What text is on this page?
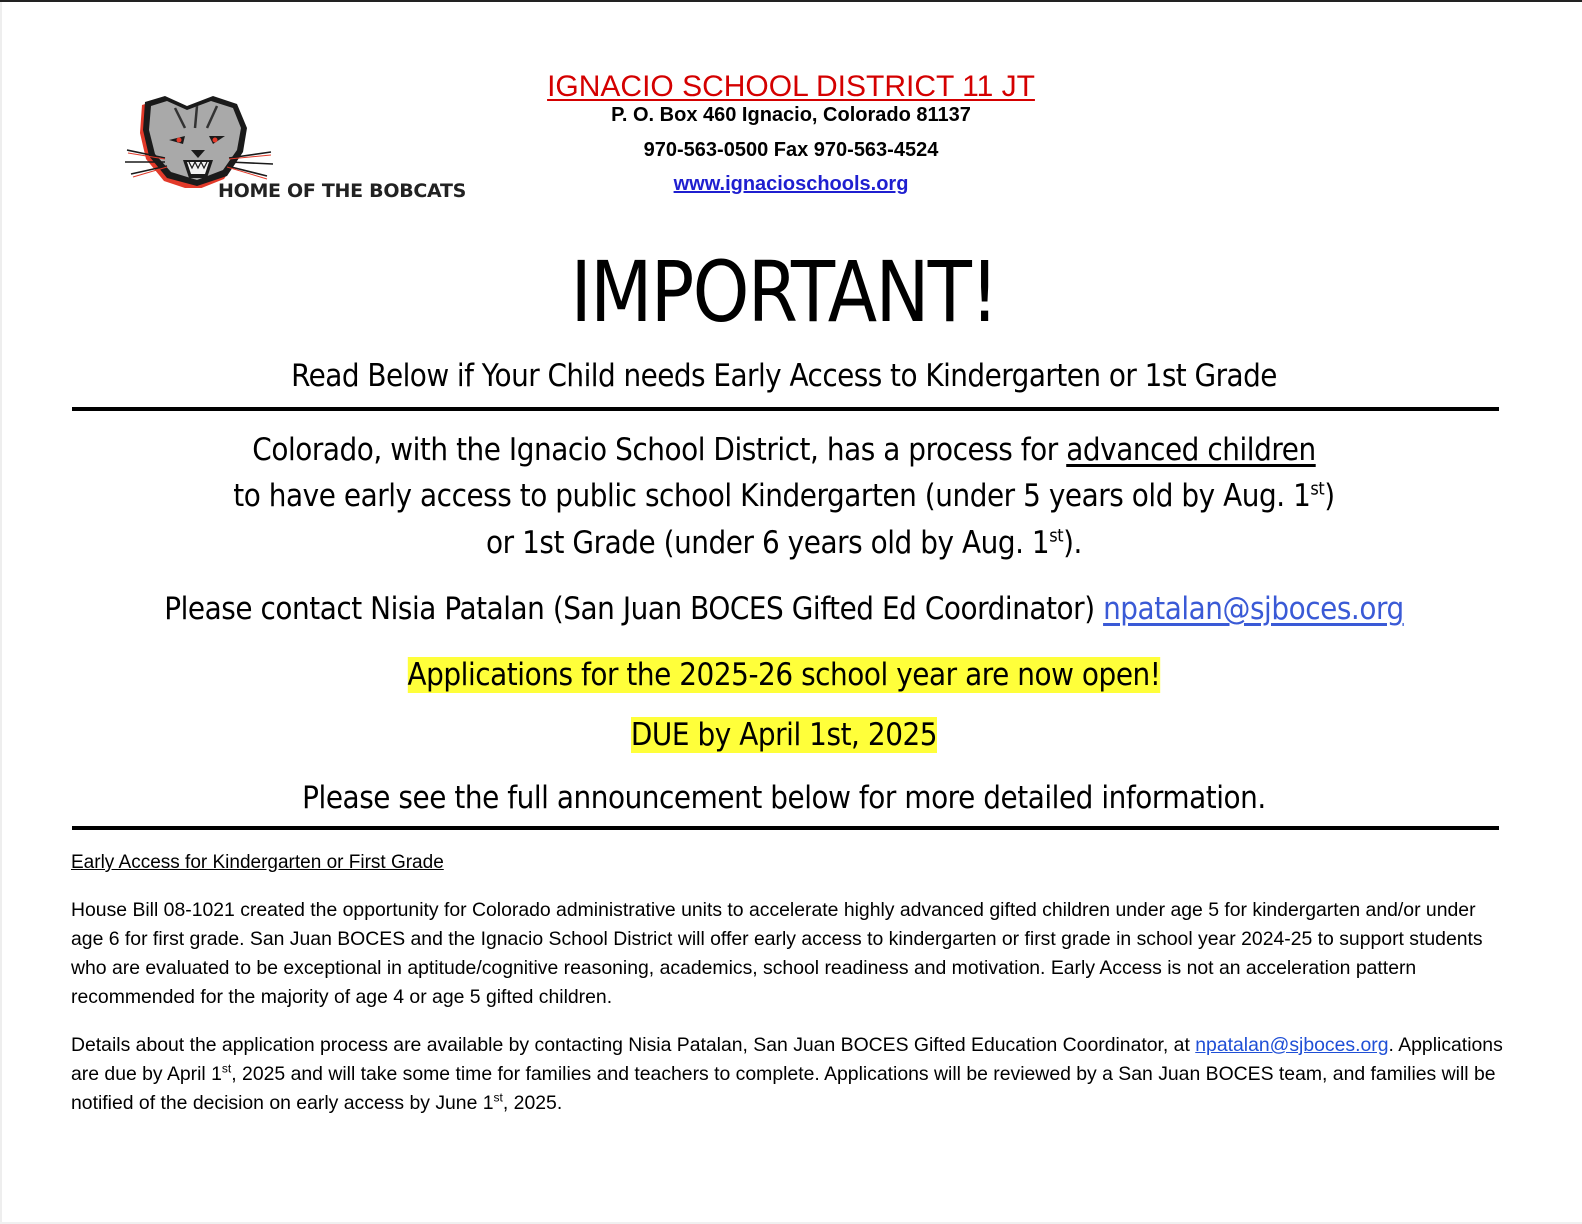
HOME OF THE BOBCATS
IGNACIO SCHOOL DISTRICT 11 JT
P. O. Box 460 Ignacio, Colorado 81137
970-563-0500 Fax 970-563-4524
www.ignacioschools.org
IMPORTANT!
Read Below if Your Child needs Early Access to Kindergarten or 1st Grade
Colorado, with the Ignacio School District, has a process for advanced children
to have early access to public school Kindergarten (under 5 years old by Aug. 1st)
or 1st Grade (under 6 years old by Aug. 1st).
Please contact Nisia Patalan (San Juan BOCES Gifted Ed Coordinator) npatalan@sjboces.org
Applications for the 2025-26 school year are now open!
DUE by April 1st, 2025
Please see the full announcement below for more detailed information.
Early Access for Kindergarten or First Grade
House Bill 08-1021 created the opportunity for Colorado administrative units to accelerate highly advanced gifted children under age 5 for kindergarten and/or under age 6 for first grade. San Juan BOCES and the Ignacio School District will offer early access to kindergarten or first grade in school year 2024-25 to support students who are evaluated to be exceptional in aptitude/cognitive reasoning, academics, school readiness and motivation. Early Access is not an acceleration pattern recommended for the majority of age 4 or age 5 gifted children.
Details about the application process are available by contacting Nisia Patalan, San Juan BOCES Gifted Education Coordinator, at npatalan@sjboces.org. Applications are due by April 1st, 2025 and will take some time for families and teachers to complete. Applications will be reviewed by a San Juan BOCES team, and families will be notified of the decision on early access by June 1st, 2025.
